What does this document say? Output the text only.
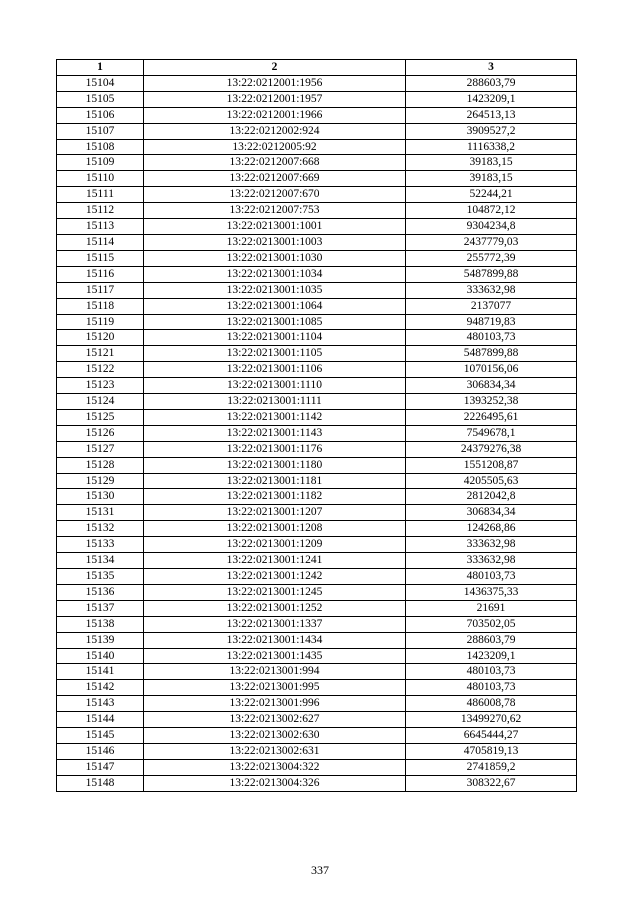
1	2	3
15104	13:22:0212001:1956	288603,79
15105	13:22:0212001:1957	1423209,1
15106	13:22:0212001:1966	264513,13
15107	13:22:0212002:924	3909527,2
15108	13:22:0212005:92	1116338,2
15109	13:22:0212007:668	39183,15
15110	13:22:0212007:669	39183,15
15111	13:22:0212007:670	52244,21
15112	13:22:0212007:753	104872,12
15113	13:22:0213001:1001	9304234,8
15114	13:22:0213001:1003	2437779,03
15115	13:22:0213001:1030	255772,39
15116	13:22:0213001:1034	5487899,88
15117	13:22:0213001:1035	333632,98
15118	13:22:0213001:1064	2137077
15119	13:22:0213001:1085	948719,83
15120	13:22:0213001:1104	480103,73
15121	13:22:0213001:1105	5487899,88
15122	13:22:0213001:1106	1070156,06
15123	13:22:0213001:1110	306834,34
15124	13:22:0213001:1111	1393252,38
15125	13:22:0213001:1142	2226495,61
15126	13:22:0213001:1143	7549678,1
15127	13:22:0213001:1176	24379276,38
15128	13:22:0213001:1180	1551208,87
15129	13:22:0213001:1181	4205505,63
15130	13:22:0213001:1182	2812042,8
15131	13:22:0213001:1207	306834,34
15132	13:22:0213001:1208	124268,86
15133	13:22:0213001:1209	333632,98
15134	13:22:0213001:1241	333632,98
15135	13:22:0213001:1242	480103,73
15136	13:22:0213001:1245	1436375,33
15137	13:22:0213001:1252	21691
15138	13:22:0213001:1337	703502,05
15139	13:22:0213001:1434	288603,79
15140	13:22:0213001:1435	1423209,1
15141	13:22:0213001:994	480103,73
15142	13:22:0213001:995	480103,73
15143	13:22:0213001:996	486008,78
15144	13:22:0213002:627	13499270,62
15145	13:22:0213002:630	6645444,27
15146	13:22:0213002:631	4705819,13
15147	13:22:0213004:322	2741859,2
15148	13:22:0213004:326	308322,67
337
